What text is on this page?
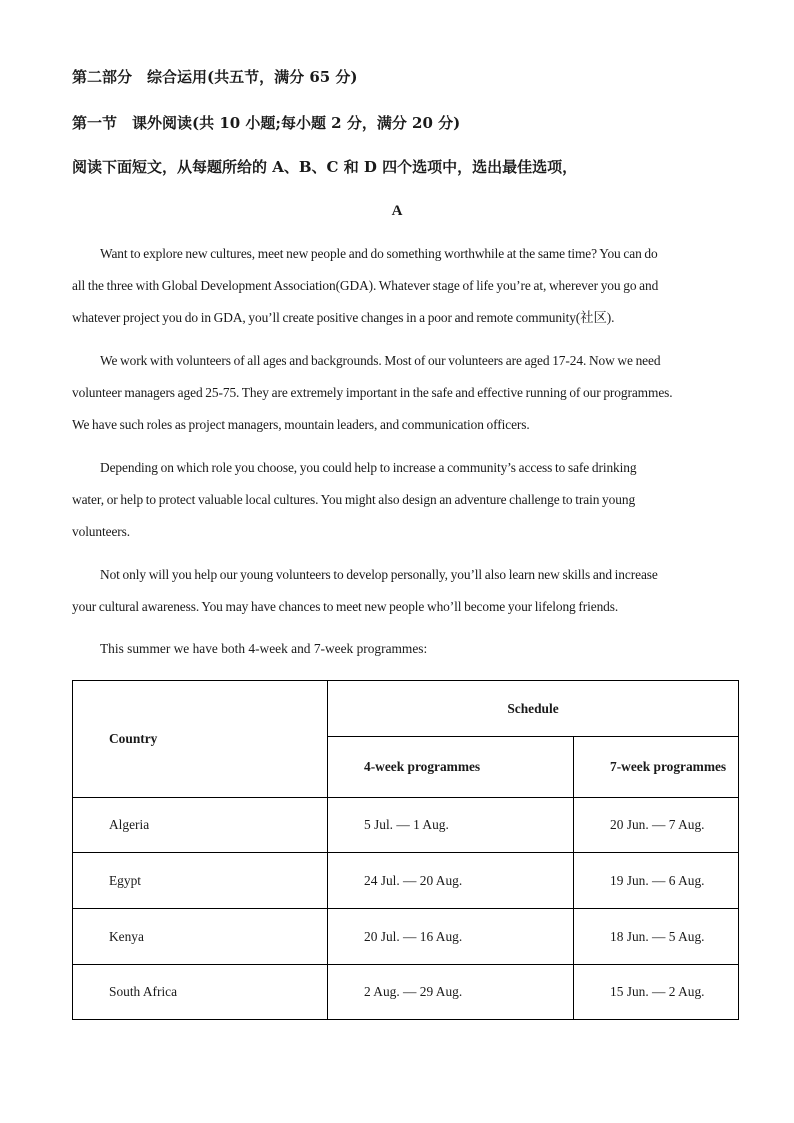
第二部分　综合运用(共五节，满分 65 分)
第一节　课外阅读(共 10 小题;每小题 2 分，满分 20 分)
阅读下面短文，从每题所给的 A、B、C 和 D 四个选项中，选出最佳选项，
A

Want to explore new cultures, meet new people and do something worthwhile at the same time? You can do

all the three with Global Development Association(GDA). Whatever stage of life you’re at, wherever you go and

whatever project you do in GDA, you’ll create positive changes in a poor and remote community(社区).

We work with volunteers of all ages and backgrounds. Most of our volunteers are aged 17-24. Now we need

volunteer managers aged 25-75. They are extremely important in the safe and effective running of our programmes.

We have such roles as project managers, mountain leaders, and communication officers.

Depending on which role you choose, you could help to increase a community’s access to safe drinking

water, or help to protect valuable local cultures. You might also design an adventure challenge to train young

volunteers.

Not only will you help our young volunteers to develop personally, you’ll also learn new skills and increase

your cultural awareness. You may have chances to meet new people who’ll become your lifelong friends.

This summer we have both 4-week and 7-week programmes:
Country	Schedule	
	4-week programmes	7-week programmes
Algeria	5 Jul. — 1 Aug.	20 Jun. — 7 Aug.
Egypt	24 Jul. — 20 Aug.	19 Jun. — 6 Aug.
Kenya	20 Jul. — 16 Aug.	18 Jun. — 5 Aug.
South Africa	2 Aug. — 29 Aug.	15 Jun. — 2 Aug.
